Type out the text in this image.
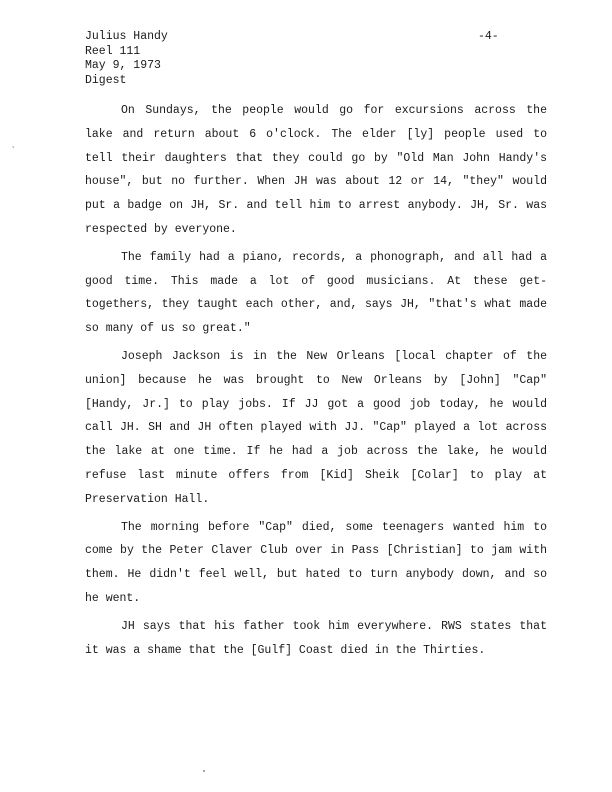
Julius Handy
Reel 111
May 9, 1973
Digest
-4-
`

On Sundays, the people would go for excursions across the lake and return about 6 o'clock. The elder [ly] people used to tell their daughters that they could go by "Old Man John Handy's house", but no further. When JH was about 12 or 14, "they" would put a badge on JH, Sr. and tell him to arrest anybody. JH, Sr. was respected by everyone.

The family had a piano, records, a phonograph, and all had a good time. This made a lot of good musicians. At these get-togethers, they taught each other, and, says JH, "that's what made so many of us so great."

Joseph Jackson is in the New Orleans [local chapter of the union] because he was brought to New Orleans by [John] "Cap" [Handy, Jr.] to play jobs. If JJ got a good job today, he would call JH. SH and JH often played with JJ. "Cap" played a lot across the lake at one time. If he had a job across the lake, he would refuse last minute offers from [Kid] Sheik [Colar] to play at Preservation Hall.

The morning before "Cap" died, some teenagers wanted him to come by the Peter Claver Club over in Pass [Christian] to jam with them. He didn't feel well, but hated to turn anybody down, and so he went.

JH says that his father took him everywhere. RWS states that it was a shame that the [Gulf] Coast died in the Thirties.
